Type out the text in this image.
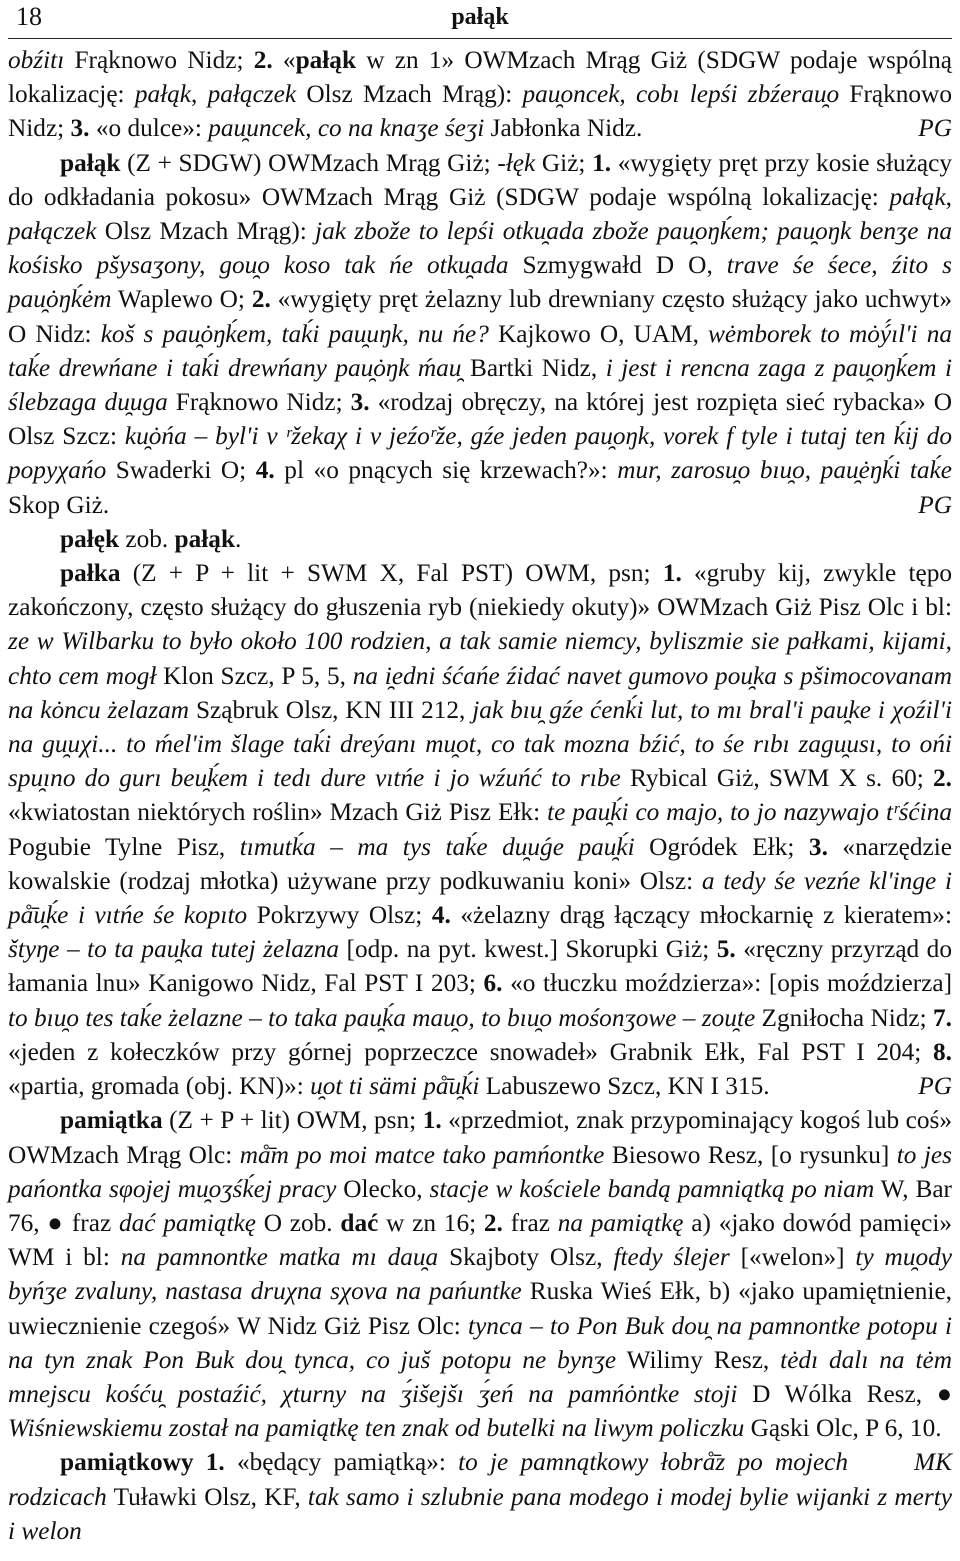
18	pałąk

obźitı Frąknowo Nidz; 2. «pałąk w zn 1» OWMzach Mrąg Giż (SDGW podaje wspólną lokalizację: pałąk, pałączek Olsz Mzach Mrąg): pau̯oncek, cobı lepśi zbźerau̯o Frąknowo Nidz; 3. «o dulce»: pau̯uncek, co na knaʒe śeʒi Jabłonka Nidz.	PG

pałąk (Z + SDGW) OWMzach Mrąg Giż; -łęk Giż; 1. «wygięty pręt przy kosie służący do odkładania pokosu» OWMzach Mrąg Giż (SDGW podaje wspólną lokalizację: pałąk, pałączek Olsz Mzach Mrąg): jak zbože to lepśi otku̯ada zbože pau̯oŋḱem; pau̯oŋk benʒe na kośisko pšysaʒony, gou̯o koso tak ńe otku̯ada Szmygwałd D O, trave śe śece, źito s pau̯ȯŋḱėm Waplewo O; 2. «wygięty pręt żelazny lub drewniany często służący jako uchwyt» O Nidz: koš s pau̯ȯŋḱem, taḱi pau̯uŋk, nu ńe? Kajkowo O, UAM, wėmborek to mȯý́ıl'i na taḱe drewńane i taḱi drewńany pau̯ȯŋk ḿau̯ Bartki Nidz, i jest i rencna zaga z pau̯oŋḱem i ślebzaga du̯uga Frąknowo Nidz; 3. «rodzaj obręczy, na której jest rozpięta sieć rybacka» O Olsz Szcz: ku̯ȯńa – byl'i v ʳžekaχ i v jeźoʳže, gźe jeden pau̯oŋk, vorek f tyle i tutaj ten ḱij do popyχańo Swaderki O; 4. pl «o pnących się krzewach?»: mur, zarosu̯o bıu̯o, pau̯ėŋḱi taḱe Skop Giż.	PG

pałęk zob. pałąk.

pałka (Z + P + lit + SWM X, Fal PST) OWM, psn; 1. «gruby kij, zwykle tępo zakończony, często służący do głuszenia ryb (niekiedy okuty)» OWMzach Giż Pisz Olc i bl: ze w Wilbarku to było około 100 rodzien, a tak samie niemcy, byliszmie sie pałkami, kijami, chto cem mogł Klon Szcz, P 5, 5, na i̯edni śćańe źidać navet gumovo pou̯ka s pšimocovanam na kȯncu żelazam Sząbruk Olsz, KN III 212, jak bıu̯ gźe ćenḱi lut, to mı bral'i pau̯ke i χoźil'i na gu̯uχi... to ḿel'im šlage taḱi dreýanı mu̯ot, co tak mozna bźić, to śe rıbı zagu̯usı, to ońi spu̯ıno do gurı beu̯ḱem i tedı dure vıtńe i jo wźuńć to rıbe Rybical Giż, SWM X s. 60; 2. «kwiatostan niektórych roślin» Mzach Giż Pisz Ełk: te pau̯ḱi co majo, to jo nazywajo tʳśćina Pogubie Tylne Pisz, tımutḱa – ma tys taḱe du̯uǵe pau̯ḱi Ogródek Ełk; 3. «narzędzie kowalskie (rodzaj młotka) używane przy podkuwaniu koni» Olsz: a tedy śe vezńe kl'inge i på̄u̯ḱe i vıtńe śe kopıto Pokrzywy Olsz; 4. «żelazny drąg łączący młockarnię z kieratem»: štyŋe – to ta pau̯ka tutej żelazna [odp. na pyt. kwest.] Skorupki Giż; 5. «ręczny przyrząd do łamania lnu» Kanigowo Nidz, Fal PST I 203; 6. «o tłuczku moździerza»: [opis moździerza] to bıu̯o tes taḱe żelazne – to taka pau̯ḱa mau̯o, to bıu̯o mośonʒowe – zou̯te Zgniłocha Nidz; 7. «jeden z kołeczków przy górnej poprzeczce snowadeł» Grabnik Ełk, Fal PST I 204; 8. «partia, gromada (obj. KN)»: u̯ot ti sämi på̄u̯ḱi Labuszewo Szcz, KN I 315.	PG

pamiątka (Z + P + lit) OWM, psn; 1. «przedmiot, znak przypominający kogoś lub coś» OWMzach Mrąg Olc: må̄m po moi matce tako pamńontke Biesowo Resz, [o rysunku] to jes pańontka sφojej mu̯oʒśḱej pracy Olecko, stacje w kościele bandą pamniątką po niam W, Bar 76, ● fraz dać pamiątkę O zob. dać w zn 16; 2. fraz na pamiątkę a) «jako dowód pamięci» WM i bl: na pamnontke matka mı dau̯a Skajboty Olsz, ftedy ślejer [«welon»] ty mu̯ody byńʒe zvaluny, nastasa druχna sχova na pańuntke Ruska Wieś Ełk, b) «jako upamiętnienie, uwiecznienie czegoś» W Nidz Giż Pisz Olc: tynca – to Pon Buk dou̯ na pamnontke potopu i na tyn znak Pon Buk dou̯ tynca, co juš potopu ne bynʒe Wilimy Resz, tėdı dalı na tėm mnejscu kośću̯ postaźić, χturny na ʒ́išejšı ʒ́eń na pamńȯntke stoji D Wólka Resz, ● Wiśniewskiemu został na pamiątkę ten znak od butelki na liwym policzku Gąski Olc, P 6, 10.
MK

pamiątkowy 1. «będący pamiątką»: to je pamnątkowy łobrå̄z po mojech rodzicach Tuławki Olsz, KF, tak samo i szlubnie pana modego i modej bylie wijanki z merty i welon
